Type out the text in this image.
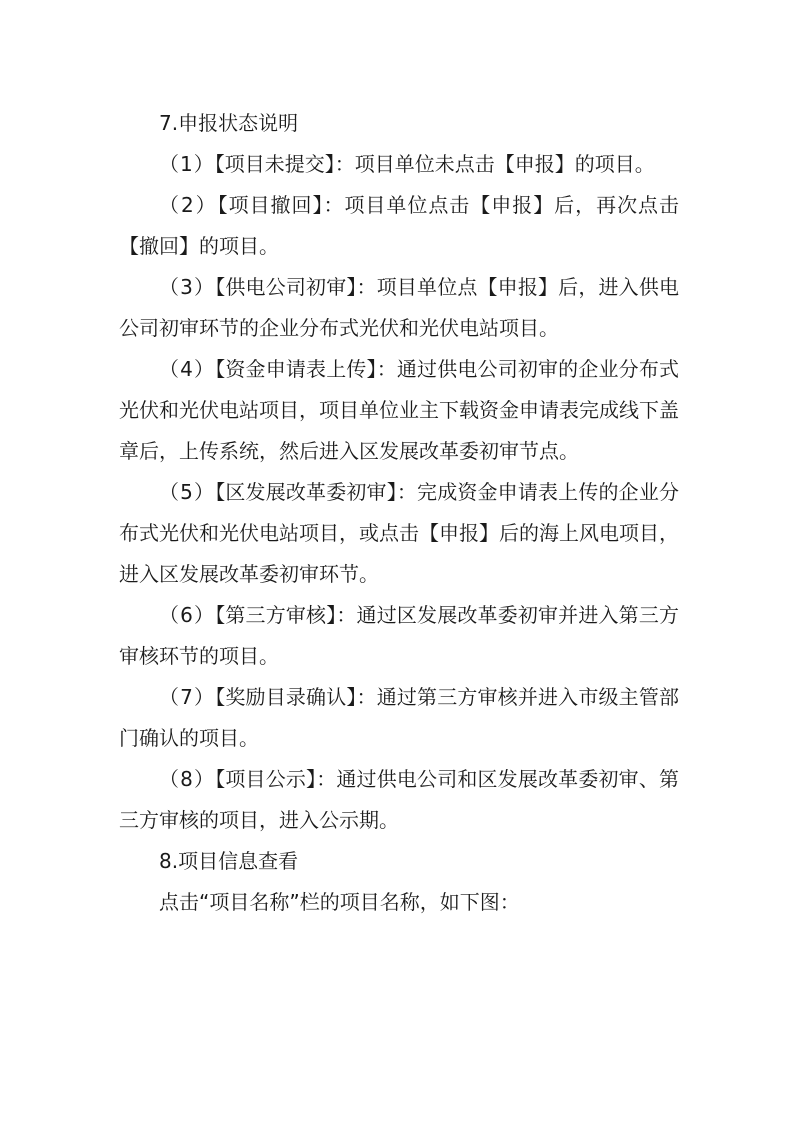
7.申报状态说明

（1）【项目未提交】：项目单位未点击【申报】的项目。

（2）【项目撤回】：项目单位点击【申报】后，再次点击【撤回】的项目。

（3）【供电公司初审】：项目单位点【申报】后，进入供电公司初审环节的企业分布式光伏和光伏电站项目。

（4）【资金申请表上传】：通过供电公司初审的企业分布式光伏和光伏电站项目，项目单位业主下载资金申请表完成线下盖章后，上传系统，然后进入区发展改革委初审节点。

（5）【区发展改革委初审】：完成资金申请表上传的企业分布式光伏和光伏电站项目，或点击【申报】后的海上风电项目，进入区发展改革委初审环节。

（6）【第三方审核】：通过区发展改革委初审并进入第三方审核环节的项目。

（7）【奖励目录确认】：通过第三方审核并进入市级主管部门确认的项目。

（8）【项目公示】：通过供电公司和区发展改革委初审、第三方审核的项目，进入公示期。

8.项目信息查看

点击“项目名称”栏的项目名称，如下图：
